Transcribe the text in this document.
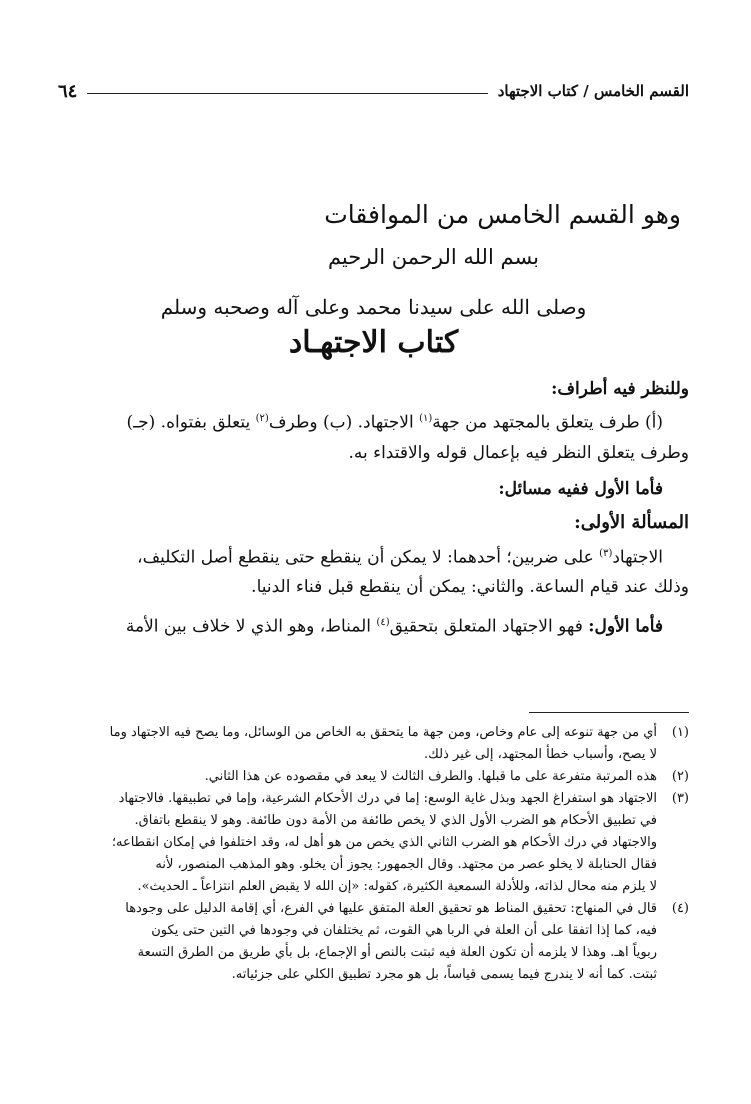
القسم الخامس / كتاب الاجتهاد
٦٤
وهو القسم الخامس من الموافقات
بسم الله الرحمن الرحيم
وصلى الله على سيدنا محمد وعلى آله وصحبه وسلم
كتاب الاجتهـاد

وللنظر فيه أطراف:

(أ) طرف يتعلق بالمجتهد من جهة$^{(١)}$ الاجتهاد. (ب) وطرف$^{(٢)}$ يتعلق بفتواه. (جـ)

وطرف يتعلق النظر فيه بإعمال قوله والاقتداء به.

فأما الأول ففيه مسائل:

المسألة الأولى:

الاجتهاد$^{(٣)}$ على ضربين؛ أحدهما: لا يمكن أن ينقطع حتى ينقطع أصل التكليف،

وذلك عند قيام الساعة. والثاني: يمكن أن ينقطع قبل فناء الدنيا.

فأما الأول: فهو الاجتهاد المتعلق بتحقيق$^{(٤)}$ المناط، وهو الذي لا خلاف بين الأمة

(١)
أي من جهة تنوعه إلى عام وخاص، ومن جهة ما يتحقق به الخاص من الوسائل، وما يصح فيه الاجتهاد وما
لا يصح، وأسباب خطأ المجتهد، إلى غير ذلك.
(٢)
هذه المرتبة متفرعة على ما قبلها. والطرف الثالث لا يبعد في مقصوده عن هذا الثاني.
(٣)
الاجتهاد هو استفراغ الجهد وبذل غاية الوسع: إما في درك الأحكام الشرعية، وإما في تطبيقها. فالاجتهاد
في تطبيق الأحكام هو الضرب الأول الذي لا يخص طائفة من الأمة دون طائفة. وهو لا ينقطع باتفاق.
والاجتهاد في درك الأحكام هو الضرب الثاني الذي يخص من هو أهل له، وقد اختلفوا في إمكان انقطاعه؛
فقال الحنابلة لا يخلو عصر من مجتهد. وقال الجمهور: يجوز أن يخلو. وهو المذهب المنصور، لأنه
لا يلزم منه محال لذاته، وللأدلة السمعية الكثيرة، كقوله: «إن الله لا يقبض العلم انتزاعاً ـ الحديث».
(٤)
قال في المنهاج: تحقيق المناط هو تحقيق العلة المتفق عليها في الفرع، أي إقامة الدليل على وجودها
فيه، كما إذا اتفقا على أن العلة في الربا هي القوت، ثم يختلفان في وجودها في التين حتى يكون
ربوياً اهـ. وهذا لا يلزمه أن تكون العلة فيه ثبتت بالنص أو الإجماع، بل بأي طريق من الطرق التسعة
ثبتت. كما أنه لا يندرج فيما يسمى قياساً، بل هو مجرد تطبيق الكلي على جزئياته.
